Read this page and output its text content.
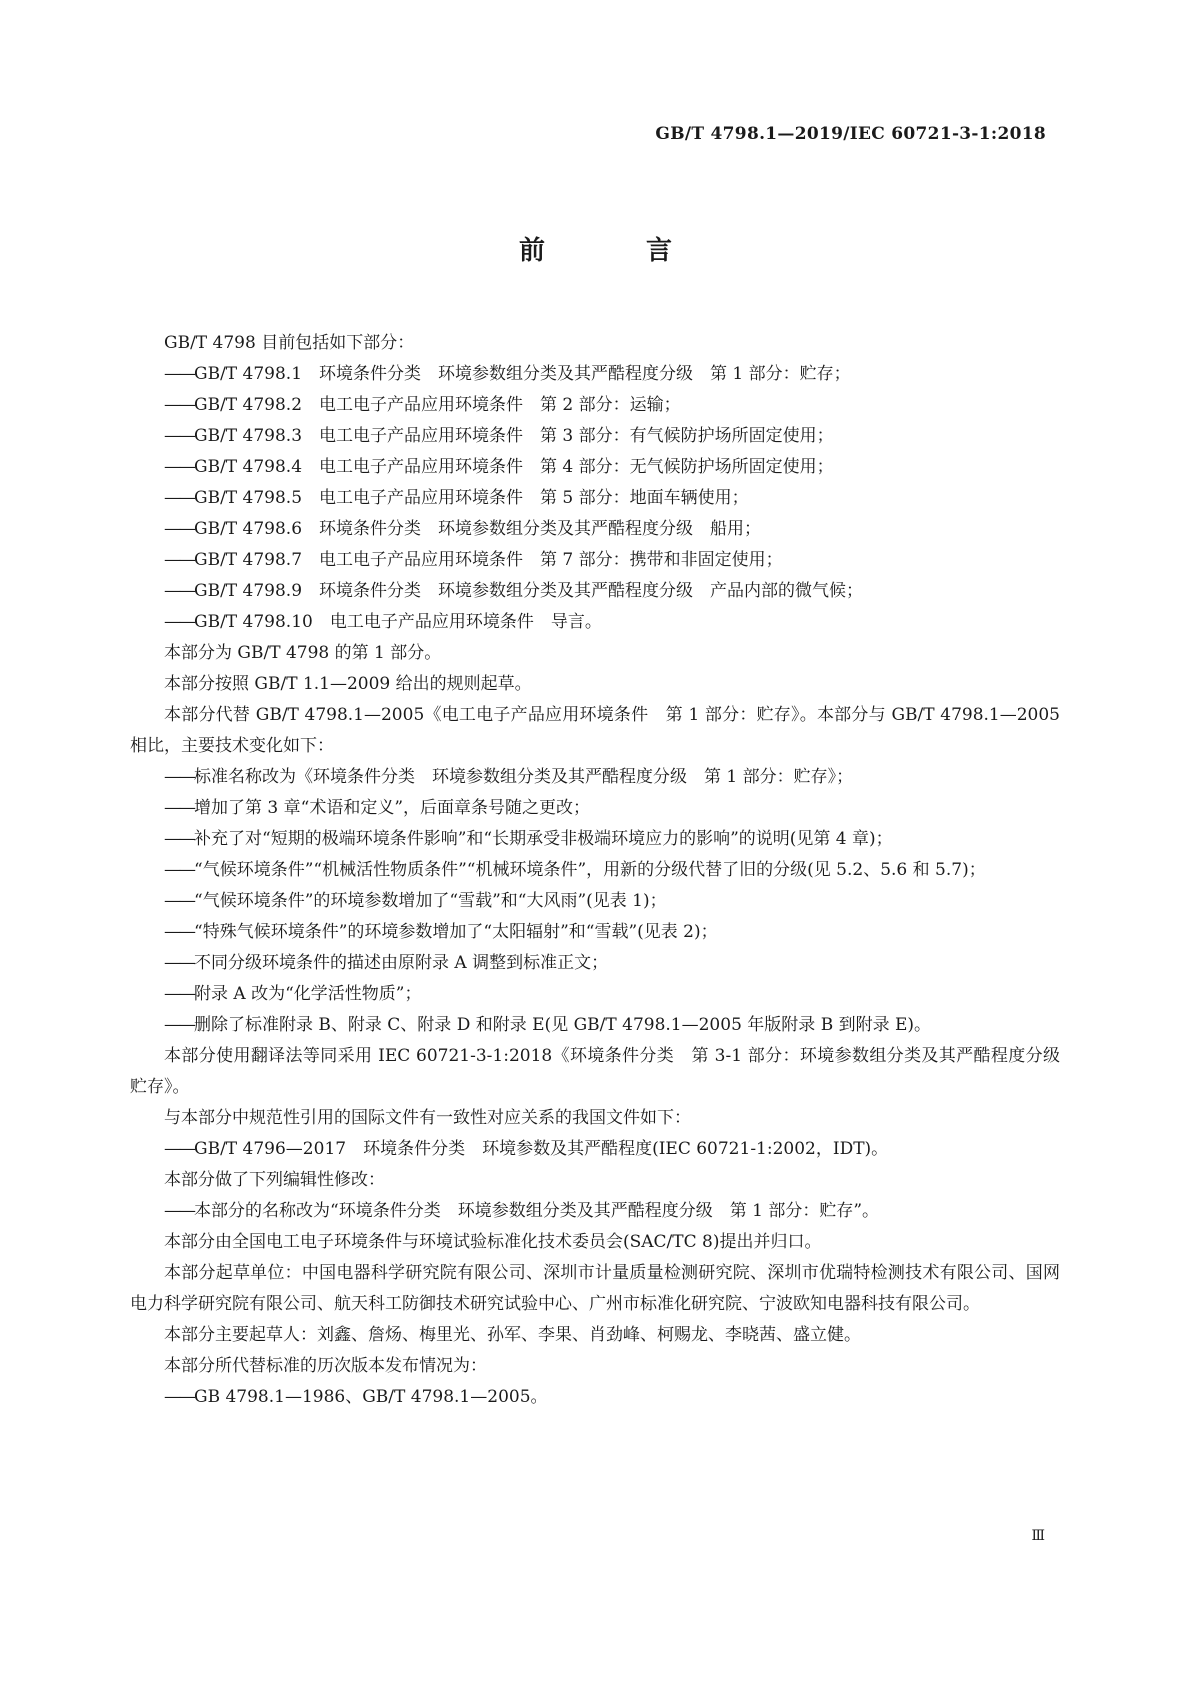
GB/T 4798.1—2019/IEC 60721-3-1:2018
前 言

GB/T 4798 目前包括如下部分：

——GB/T 4798.1　环境条件分类　环境参数组分类及其严酷程度分级　第 1 部分：贮存；

——GB/T 4798.2　电工电子产品应用环境条件　第 2 部分：运输；

——GB/T 4798.3　电工电子产品应用环境条件　第 3 部分：有气候防护场所固定使用；

——GB/T 4798.4　电工电子产品应用环境条件　第 4 部分：无气候防护场所固定使用；

——GB/T 4798.5　电工电子产品应用环境条件　第 5 部分：地面车辆使用；

——GB/T 4798.6　环境条件分类　环境参数组分类及其严酷程度分级　船用；

——GB/T 4798.7　电工电子产品应用环境条件　第 7 部分：携带和非固定使用；

——GB/T 4798.9　环境条件分类　环境参数组分类及其严酷程度分级　产品内部的微气候；

——GB/T 4798.10　电工电子产品应用环境条件　导言。

本部分为 GB/T 4798 的第 1 部分。

本部分按照 GB/T 1.1—2009 给出的规则起草。

本部分代替 GB/T 4798.1—2005《电工电子产品应用环境条件　第 1 部分：贮存》。本部分与 GB/T 4798.1—2005 相比，主要技术变化如下：

——标准名称改为《环境条件分类　环境参数组分类及其严酷程度分级　第 1 部分：贮存》；

——增加了第 3 章“术语和定义”，后面章条号随之更改；

——补充了对“短期的极端环境条件影响”和“长期承受非极端环境应力的影响”的说明(见第 4 章)；

——“气候环境条件”“机械活性物质条件”“机械环境条件”，用新的分级代替了旧的分级(见 5.2、5.6 和 5.7)；

——“气候环境条件”的环境参数增加了“雪载”和“大风雨”(见表 1)；

——“特殊气候环境条件”的环境参数增加了“太阳辐射”和“雪载”(见表 2)；

——不同分级环境条件的描述由原附录 A 调整到标准正文；

——附录 A 改为“化学活性物质”；

——删除了标准附录 B、附录 C、附录 D 和附录 E(见 GB/T 4798.1—2005 年版附录 B 到附录 E)。

本部分使用翻译法等同采用 IEC 60721-3-1:2018《环境条件分类　第 3-1 部分：环境参数组分类及其严酷程度分级　贮存》。

与本部分中规范性引用的国际文件有一致性对应关系的我国文件如下：

——GB/T 4796—2017　环境条件分类　环境参数及其严酷程度(IEC 60721-1:2002，IDT)。

本部分做了下列编辑性修改：

——本部分的名称改为“环境条件分类　环境参数组分类及其严酷程度分级　第 1 部分：贮存”。

本部分由全国电工电子环境条件与环境试验标准化技术委员会(SAC/TC 8)提出并归口。

本部分起草单位：中国电器科学研究院有限公司、深圳市计量质量检测研究院、深圳市优瑞特检测技术有限公司、国网电力科学研究院有限公司、航天科工防御技术研究试验中心、广州市标准化研究院、宁波欧知电器科技有限公司。

本部分主要起草人：刘鑫、詹炀、梅里光、孙军、李果、肖劲峰、柯赐龙、李晓茜、盛立健。

本部分所代替标准的历次版本发布情况为：

——GB 4798.1—1986、GB/T 4798.1—2005。

Ⅲ
